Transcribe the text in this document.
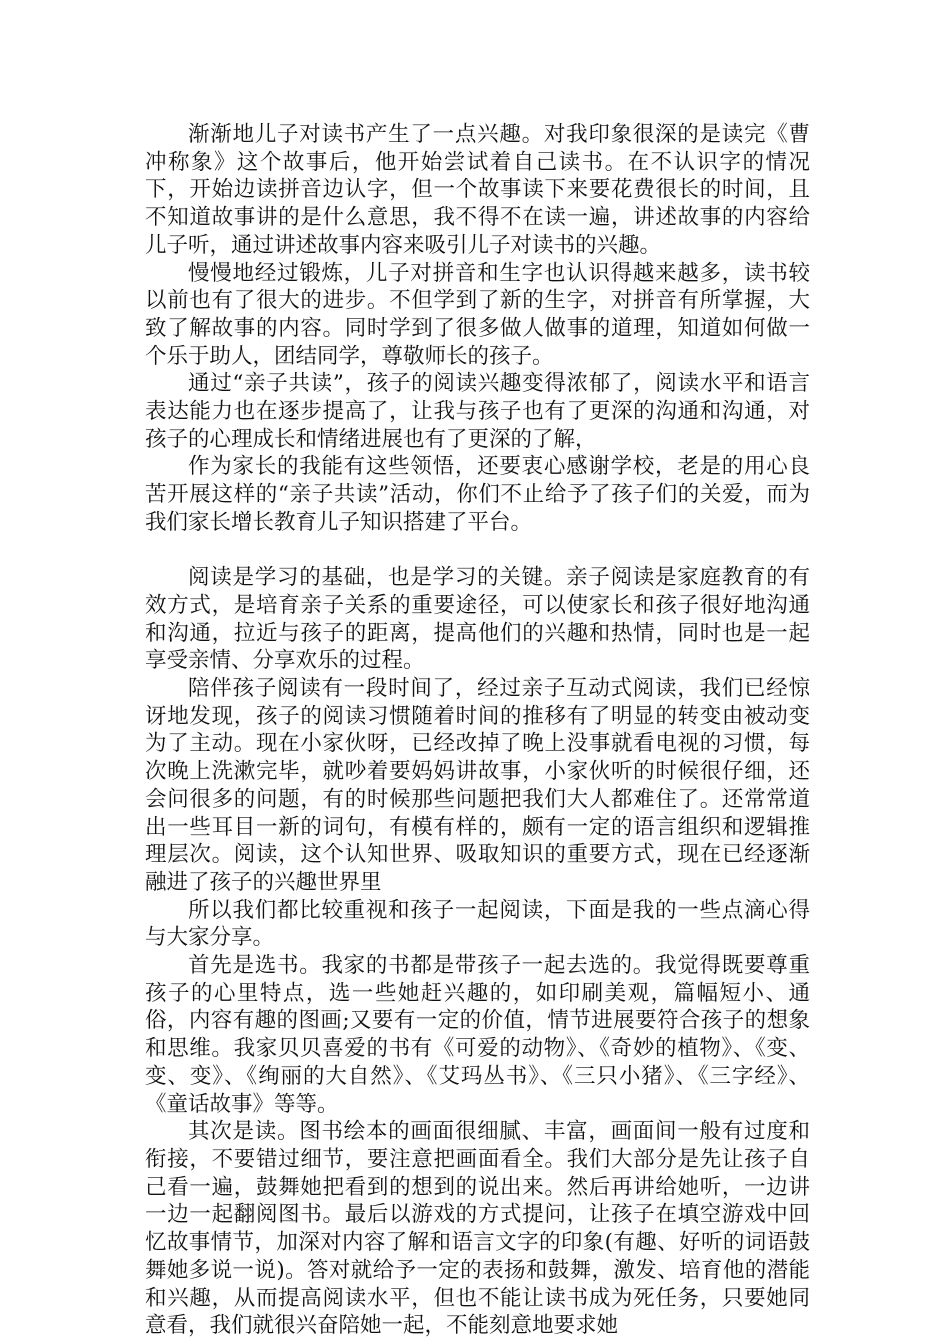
渐渐地儿子对读书产生了一点兴趣。对我印象很深的是读完《曹冲称象》这个故事后，他开始尝试着自己读书。在不认识字的情况下，开始边读拼音边认字，但一个故事读下来要花费很长的时间，且不知道故事讲的是什么意思，我不得不在读一遍，讲述故事的内容给儿子听，通过讲述故事内容来吸引儿子对读书的兴趣。

慢慢地经过锻炼，儿子对拼音和生字也认识得越来越多，读书较以前也有了很大的进步。不但学到了新的生字，对拼音有所掌握，大致了解故事的内容。同时学到了很多做人做事的道理，知道如何做一个乐于助人，团结同学，尊敬师长的孩子。

通过“亲子共读”，孩子的阅读兴趣变得浓郁了，阅读水平和语言表达能力也在逐步提高了，让我与孩子也有了更深的沟通和沟通，对孩子的心理成长和情绪进展也有了更深的了解，

作为家长的我能有这些领悟，还要衷心感谢学校，老是的用心良苦开展这样的“亲子共读”活动，你们不止给予了孩子们的关爱，而为我们家长增长教育儿子知识搭建了平台。

阅读是学习的基础，也是学习的关键。亲子阅读是家庭教育的有效方式，是培育亲子关系的重要途径，可以使家长和孩子很好地沟通和沟通，拉近与孩子的距离，提高他们的兴趣和热情，同时也是一起享受亲情、分享欢乐的过程。

陪伴孩子阅读有一段时间了，经过亲子互动式阅读，我们已经惊讶地发现，孩子的阅读习惯随着时间的推移有了明显的转变由被动变为了主动。现在小家伙呀，已经改掉了晚上没事就看电视的习惯，每次晚上洗漱完毕，就吵着要妈妈讲故事，小家伙听的时候很仔细，还会问很多的问题，有的时候那些问题把我们大人都难住了。还常常道出一些耳目一新的词句，有模有样的，颇有一定的语言组织和逻辑推理层次。阅读，这个认知世界、吸取知识的重要方式，现在已经逐渐融进了孩子的兴趣世界里

所以我们都比较重视和孩子一起阅读，下面是我的一些点滴心得与大家分享。

首先是选书。我家的书都是带孩子一起去选的。我觉得既要尊重孩子的心里特点，选一些她赶兴趣的，如印刷美观，篇幅短小、通俗，内容有趣的图画;又要有一定的价值，情节进展要符合孩子的想象和思维。我家贝贝喜爱的书有《可爱的动物》、《奇妙的植物》、《变、变、变》、《绚丽的大自然》、《艾玛丛书》、《三只小猪》、《三字经》、《童话故事》等等。

其次是读。图书绘本的画面很细腻、丰富，画面间一般有过度和衔接，不要错过细节，要注意把画面看全。我们大部分是先让孩子自己看一遍，鼓舞她把看到的想到的说出来。然后再讲给她听，一边讲一边一起翻阅图书。最后以游戏的方式提问，让孩子在填空游戏中回忆故事情节，加深对内容了解和语言文字的印象(有趣、好听的词语鼓舞她多说一说)。答对就给予一定的表扬和鼓舞，激发、培育他的潜能和兴趣，从而提高阅读水平，但也不能让读书成为死任务，只要她同意看，我们就很兴奋陪她一起，不能刻意地要求她
